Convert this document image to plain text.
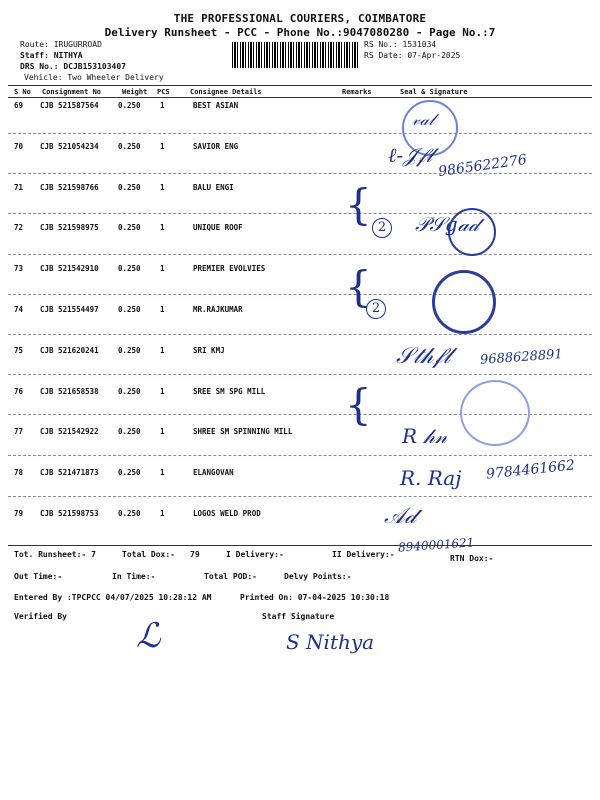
THE PROFESSIONAL COURIERS, COIMBATORE
Delivery Runsheet - PCC - Phone No.:9047080280 - Page No.:7
Route: IRUGURROAD
Staff: NITHYA
DRS No.: DCJB153103407
Vehicle: Two Wheeler Delivery
RS No.: 1531034
RS Date: 07-Apr-2025
S No Consignment No	Weight PCS	Consignee Details	Remarks	Seal & Signature
69 CJB 521587564	0.250	1	BEST ASIAN
70 CJB 521054234	0.250	1	SAVIOR ENG
71 CJB 521598766	0.250	1	BALU ENGI
72 CJB 521598975	0.250	1	UNIQUE ROOF
73 CJB 521542910	0.250	1	PREMIER EVOLVIES
74 CJB 521554497	0.250	1	MR.RAJKUMAR
75 CJB 521620241	0.250	1	SRI KMJ
76 CJB 521658538	0.250	1	SREE SM SPG MILL
77 CJB 521542922	0.250	1	SHREE SM SPINNING MILL
78 CJB 521471873	0.250	1	ELANGOVAN
79 CJB 521598753	0.250	1	LOGOS WELD PROD
𝓋𝒶𝓁
ℓ-𝒥𝒻𝓁 9865622276
{ 2 𝒫𝒮𝑔𝒶𝒹
{ 2
𝒮𝓉𝒽𝒻𝓁 9688628891
{
𝑅 𝒽𝓃
R. Raj 9784461662
𝒜𝒹
8940001621
Tot. Runsheet:- 7	Total Dox:- 79	I Delivery:-	II Delivery:-	RTN Dox:-
Out Time:-	In Time:-	Total POD:-	Delvy Points:-
Entered By :TPCPCC 04/07/2025 10:28:12 AM	Printed On: 07-04-2025 10:30:18
Verified By	Staff Signature
ℒ	S Nithya
